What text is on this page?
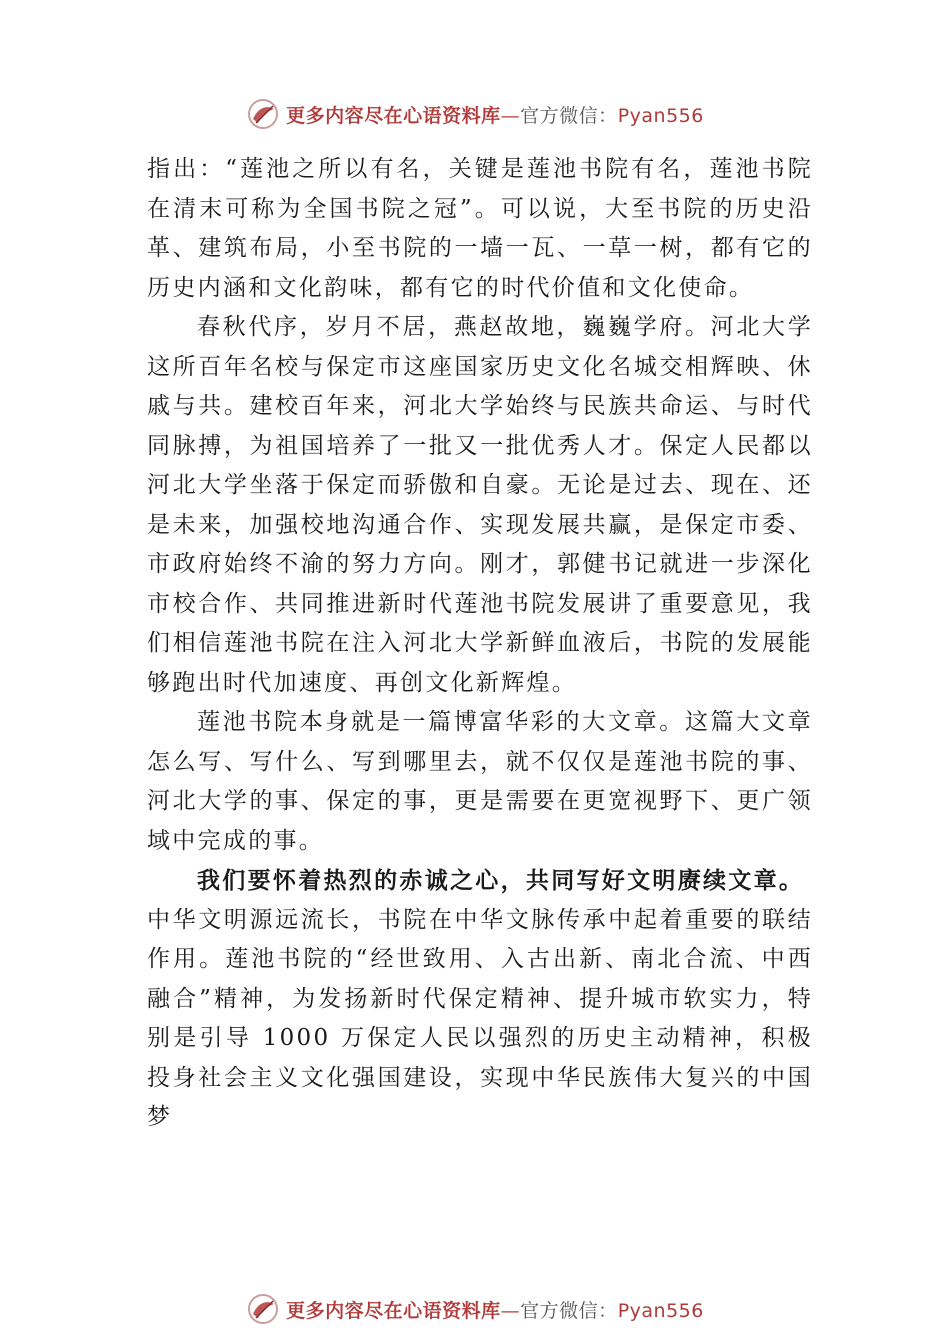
更多内容尽在心语资料库—官方微信：Pyan556

指出：“莲池之所以有名，关键是莲池书院有名，莲池书院在清末可称为全国书院之冠”。可以说，大至书院的历史沿革、建筑布局，小至书院的一墙一瓦、一草一树，都有它的历史内涵和文化韵味，都有它的时代价值和文化使命。

春秋代序，岁月不居，燕赵故地，巍巍学府。河北大学这所百年名校与保定市这座国家历史文化名城交相辉映、休戚与共。建校百年来，河北大学始终与民族共命运、与时代同脉搏，为祖国培养了一批又一批优秀人才。保定人民都以河北大学坐落于保定而骄傲和自豪。无论是过去、现在、还是未来，加强校地沟通合作、实现发展共赢，是保定市委、 市政府始终不渝的努力方向。刚才，郭健书记就进一步深化市校合作、共同推进新时代莲池书院发展讲了重要意见，我们相信莲池书院在注入河北大学新鲜血液后，书院的发展能够跑出时代加速度、再创文化新辉煌。

莲池书院本身就是一篇博富华彩的大文章。这篇大文章怎么写、写什么、写到哪里去，就不仅仅是莲池书院的事、 河北大学的事、保定的事，更是需要在更宽视野下、更广领域中完成的事。

我们要怀着热烈的赤诚之心，共同写好文明赓续文章。

中华文明源远流长，书院在中华文脉传承中起着重要的联结作用。莲池书院的“经世致用、入古出新、南北合流、中西融合”精神，为发扬新时代保定精神、提升城市软实力，特别是引导 1000 万保定人民以强烈的历史主动精神，积极投身社会主义文化强国建设，实现中华民族伟大复兴的中国梦

更多内容尽在心语资料库—官方微信：Pyan556
